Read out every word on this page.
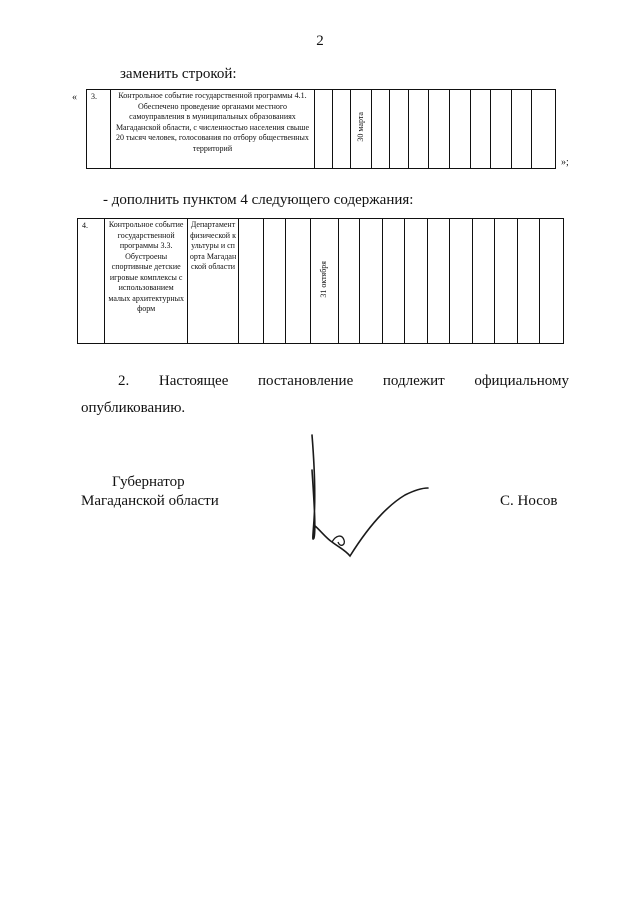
2
заменить строкой:
«
»;
3.	Контрольное событие государственной программы 4.1. Обеспечено проведение органами местного самоуправления в муниципальных образованиях Магаданской области, с численностью населения свыше 20 тысяч человек, голосования по отбору общественных территорий			30 марта									
- дополнить пунктом 4 следующего содержания:
4.	Контрольное событие государственной программы 3.3. Обустроены спортивные детские игровые комплексы с использованием малых архитектурных форм	Департамент физической культуры и спорта Магаданской области				31 октября										
2. Настоящее постановление подлежит официальному
опубликованию.
Губернатор
Магаданской области	С. Носов
